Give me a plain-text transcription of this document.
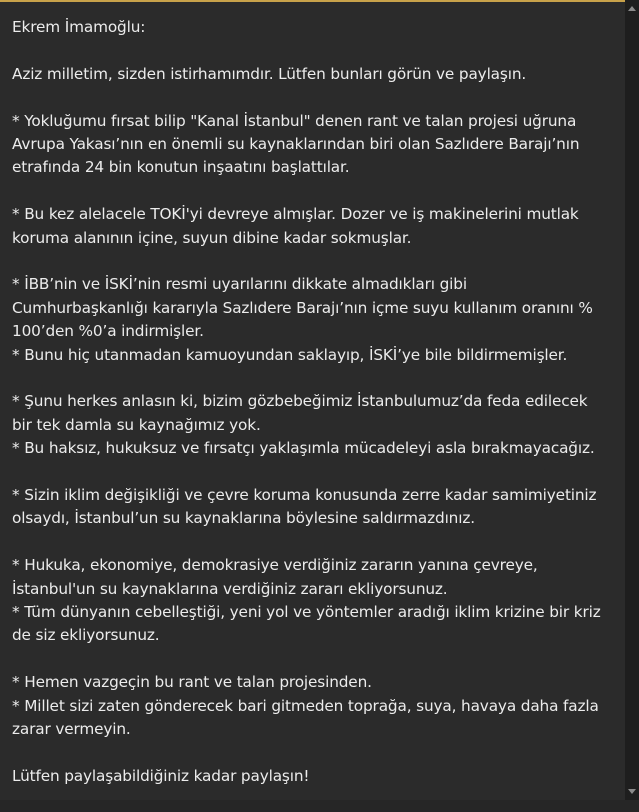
Ekrem İmamoğlu:

Aziz milletim, sizden istirhamımdır. Lütfen bunları görün ve paylaşın.

* Yokluğumu fırsat bilip "Kanal İstanbul" denen rant ve talan projesi uğruna
Avrupa Yakası’nın en önemli su kaynaklarından biri olan Sazlıdere Barajı’nın
etrafında 24 bin konutun inşaatını başlattılar.

* Bu kez alelacele TOKİ'yi devreye almışlar. Dozer ve iş makinelerini mutlak
koruma alanının içine, suyun dibine kadar sokmuşlar.

* İBB’nin ve İSKİ’nin resmi uyarılarını dikkate almadıkları gibi
Cumhurbaşkanlığı kararıyla Sazlıdere Barajı’nın içme suyu kullanım oranını %
100’den %0’a indirmişler.
* Bunu hiç utanmadan kamuoyundan saklayıp, İSKİ’ye bile bildirmemişler.

* Şunu herkes anlasın ki, bizim gözbebeğimiz İstanbulumuz’da feda edilecek
bir tek damla su kaynağımız yok.
* Bu haksız, hukuksuz ve fırsatçı yaklaşımla mücadeleyi asla bırakmayacağız.

* Sizin iklim değişikliği ve çevre koruma konusunda zerre kadar samimiyetiniz
olsaydı, İstanbul’un su kaynaklarına böylesine saldırmazdınız.

* Hukuka, ekonomiye, demokrasiye verdiğiniz zararın yanına çevreye,
İstanbul'un su kaynaklarına verdiğiniz zararı ekliyorsunuz.
* Tüm dünyanın cebelleştiği, yeni yol ve yöntemler aradığı iklim krizine bir kriz
de siz ekliyorsunuz.

* Hemen vazgeçin bu rant ve talan projesinden.
* Millet sizi zaten gönderecek bari gitmeden toprağa, suya, havaya daha fazla
zarar vermeyin.

Lütfen paylaşabildiğiniz kadar paylaşın!
